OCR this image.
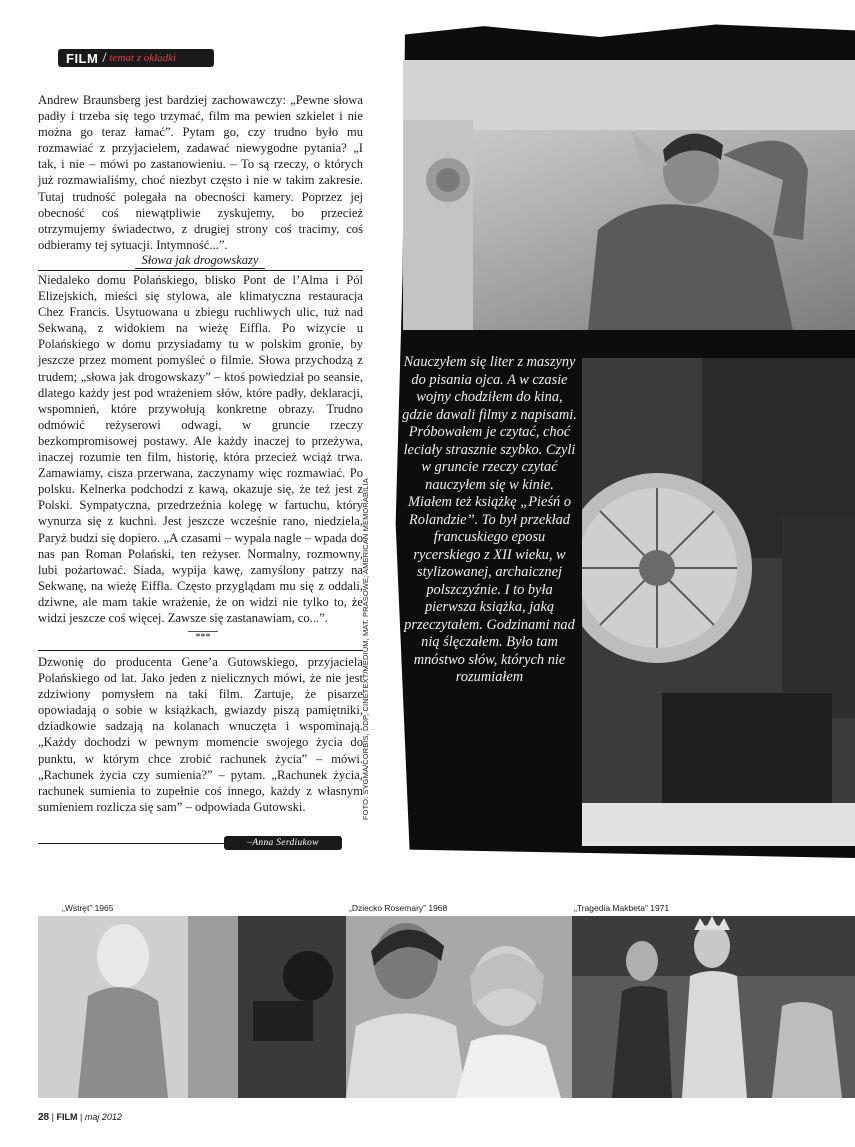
FILM / temat z okładki

Andrew Braunsberg jest bardziej zachowawczy: „Pewne słowa padły i trzeba się tego trzymać, film ma pewien szkielet i nie można go teraz łamać”. Pytam go, czy trudno było mu rozmawiać z przyjacielem, zadawać niewygodne pytania? „I tak, i nie – mówi po zastanowieniu. – To są rzeczy, o których już rozmawialiśmy, choć niezbyt często i nie w takim zakresie. Tutaj trudność polegała na obecności kamery. Poprzez jej obecność coś niewątpliwie zyskujemy, bo przecież otrzymujemy świadectwo, z drugiej strony coś tracimy, coś odbieramy tej sytuacji. Intymność...”.

Słowa jak drogowskazy

Niedaleko domu Polańskiego, blisko Pont de l’Alma i Pól Elizejskich, mieści się stylowa, ale klimatyczna restauracja Chez Francis. Usytuowana u zbiegu ruchliwych ulic, tuż nad Sekwaną, z widokiem na wieżę Eiffla. Po wizycie u Polańskiego w domu przysiadamy tu w polskim gronie, by jeszcze przez moment pomyśleć o filmie. Słowa przychodzą z trudem; „słowa jak drogowskazy” – ktoś powiedział po seansie, dlatego każdy jest pod wrażeniem słów, które padły, deklaracji, wspomnień, które przywołują konkretne obrazy. Trudno odmówić reżyserowi odwagi, w gruncie rzeczy bezkompromisowej postawy. Ale każdy inaczej to przeżywa, inaczej rozumie ten film, historię, która przecież wciąż trwa. Zamawiamy, cisza przerwana, zaczynamy więc rozmawiać. Po polsku. Kelnerka podchodzi z kawą, okazuje się, że też jest z Polski. Sympatyczna, przedrzeźnia kolegę w fartuchu, który wynurza się z kuchni. Jest jeszcze wcześnie rano, niedziela, Paryż budzi się dopiero. „A czasami – wypala nagle – wpada do nas pan Roman Polański, ten reżyser. Normalny, rozmowny, lubi pożartować. Siada, wypija kawę, zamyślony patrzy na Sekwanę, na wieżę Eiffla. Często przyglądam mu się z oddali, dziwne, ale mam takie wrażenie, że on widzi nie tylko to, że widzi jeszcze coś więcej. Zawsze się zastanawiam, co...”.

***

Dzwonię do producenta Gene’a Gutowskiego, przyjaciela Polańskiego od lat. Jako jeden z nielicznych mówi, że nie jest zdziwiony pomysłem na taki film. Zartuje, że pisarze opowiadają o sobie w książkach, gwiazdy piszą pamiętniki, dziadkowie sadzają na kolanach wnuczęta i wspominają. „Każdy dochodzi w pewnym momencie swojego życia do punktu, w którym chce zrobić rachunek życia” – mówi. „Rachunek życia czy sumienia?” – pytam. „Rachunek życia, rachunek sumienia to zupełnie coś innego, każdy z własnym sumieniem rozlicza się sam” – odpowiada Gutowski.

–Anna Serdiukow
Nauczyłem się liter z maszyny do pisania ojca. A w czasie wojny chodziłem do kina, gdzie dawali filmy z napisami. Próbowałem je czytać, choć leciały strasznie szybko. Czyli w gruncie rzeczy czytać nauczyłem się w kinie. Miałem też książkę „Pieśń o Rolandzie”. To był przekład francuskiego eposu rycerskiego z XII wieku, w stylizowanej, archaicznej polszczyźnie. I to była pierwsza książka, jaką przeczytałem. Godzinami nad nią ślęczałem. Było tam mnóstwo słów, których nie rozumiałem
FOTO: SYGMA/CORBIS, DDP, CINETEXT/MEDIUM, MAT. PRASOWE; AMERICAN MEMORABILIA
„Wstręt” 1965	„Dziecko Rosemary” 1968	„Tragedia Makbeta” 1971
28 | FILM | maj 2012
